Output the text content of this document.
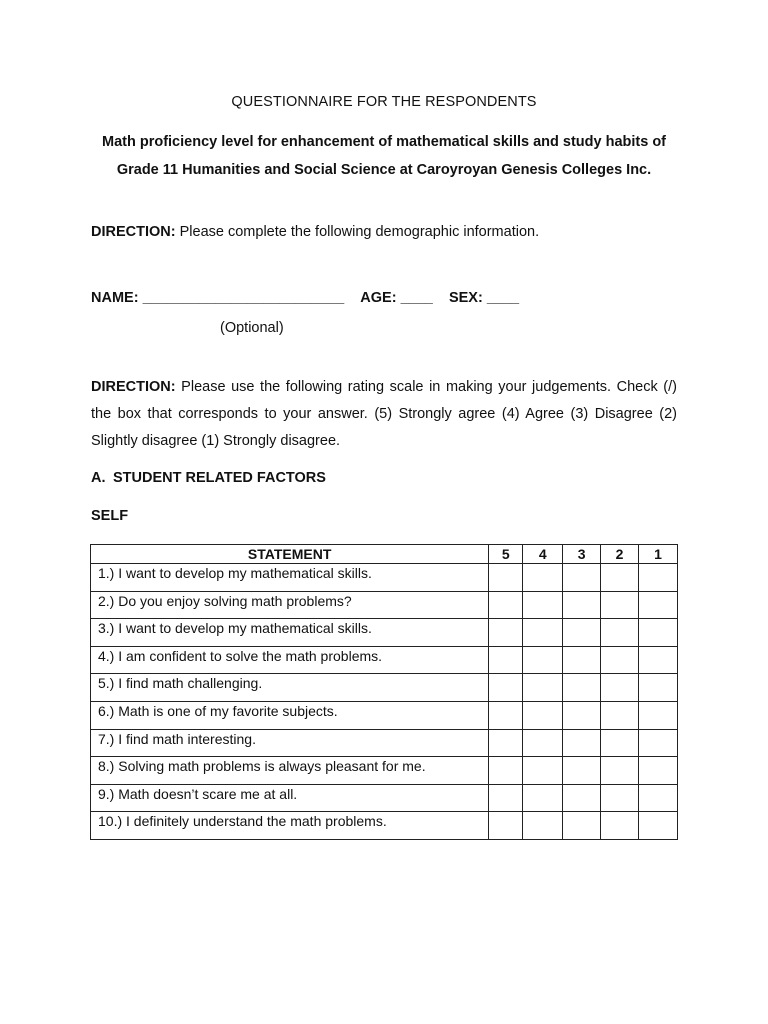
QUESTIONNAIRE FOR THE RESPONDENTS
Math proficiency level for enhancement of mathematical skills and study habits of
Grade 11 Humanities and Social Science at Caroyroyan Genesis Colleges Inc.
DIRECTION: Please complete the following demographic information.
NAME: _________________________ AGE: ____ SEX: ____
(Optional)
DIRECTION: Please use the following rating scale in making your judgements. Check (/) the box that corresponds to your answer. (5) Strongly agree (4) Agree (3) Disagree (2) Slightly disagree (1) Strongly disagree.
A. STUDENT RELATED FACTORS
SELF
STATEMENT	5	4	3	2	1
1.) I want to develop my mathematical skills.					
2.) Do you enjoy solving math problems?					
3.) I want to develop my mathematical skills.					
4.) I am confident to solve the math problems.					
5.) I find math challenging.					
6.) Math is one of my favorite subjects.					
7.) I find math interesting.					
8.) Solving math problems is always pleasant for me.					
9.) Math doesn’t scare me at all.					
10.) I definitely understand the math problems.					
